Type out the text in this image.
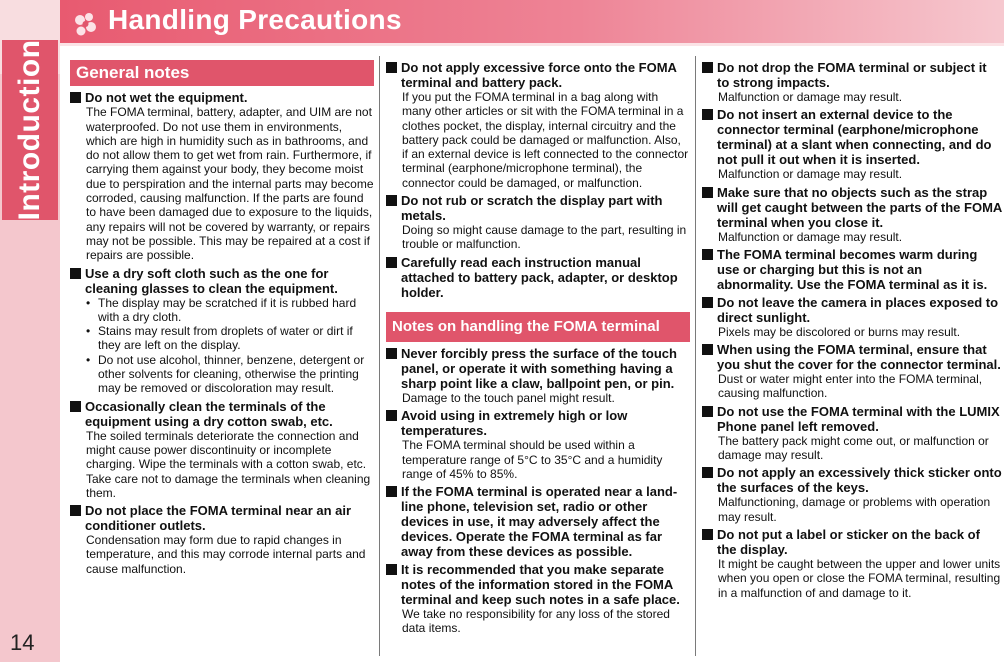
Introduction
14
Handling Precautions
General notes
Do not wet the equipment.

The FOMA terminal, battery, adapter, and UIM are not waterproofed. Do not use them in environments, which are high in humidity such as in bathrooms, and do not allow them to get wet from rain. Furthermore, if carrying them against your body, they become moist due to perspiration and the internal parts may become corroded, causing malfunction. If the parts are found to have been damaged due to exposure to the liquids, any repairs will not be covered by warranty, or repairs may not be possible. This may be repaired at a cost if repairs are possible.

Use a dry soft cloth such as the one for cleaning glasses to clean the equipment.
• The display may be scratched if it is rubbed hard with a dry cloth.
• Stains may result from droplets of water or dirt if they are left on the display.
• Do not use alcohol, thinner, benzene, detergent or other solvents for cleaning, otherwise the printing may be removed or discoloration may result.
Occasionally clean the terminals of the equipment using a dry cotton swab, etc.

The soiled terminals deteriorate the connection and might cause power discontinuity or incomplete charging. Wipe the terminals with a cotton swab, etc.

Take care not to damage the terminals when cleaning them.

Do not place the FOMA terminal near an air conditioner outlets.

Condensation may form due to rapid changes in temperature, and this may corrode internal parts and cause malfunction.

Do not apply excessive force onto the FOMA terminal and battery pack.

If you put the FOMA terminal in a bag along with many other articles or sit with the FOMA terminal in a clothes pocket, the display, internal circuitry and the battery pack could be damaged or malfunction. Also, if an external device is left connected to the connector terminal (earphone/microphone terminal), the connector could be damaged, or malfunction.

Do not rub or scratch the display part with metals.

Doing so might cause damage to the part, resulting in trouble or malfunction.

Carefully read each instruction manual attached to battery pack, adapter, or desktop holder.
Notes on handling the FOMA terminal
Never forcibly press the surface of the touch panel, or operate it with something having a sharp point like a claw, ballpoint pen, or pin.

Damage to the touch panel might result.

Avoid using in extremely high or low temperatures.

The FOMA terminal should be used within a temperature range of 5°C to 35°C and a humidity range of 45% to 85%.

If the FOMA terminal is operated near a land-line phone, television set, radio or other devices in use, it may adversely affect the devices. Operate the FOMA terminal as far away from these devices as possible.
It is recommended that you make separate notes of the information stored in the FOMA terminal and keep such notes in a safe place.

We take no responsibility for any loss of the stored data items.

Do not drop the FOMA terminal or subject it to strong impacts.

Malfunction or damage may result.

Do not insert an external device to the connector terminal (earphone/microphone terminal) at a slant when connecting, and do not pull it out when it is inserted.

Malfunction or damage may result.

Make sure that no objects such as the strap will get caught between the parts of the FOMA terminal when you close it.

Malfunction or damage may result.

The FOMA terminal becomes warm during use or charging but this is not an abnormality. Use the FOMA terminal as it is.
Do not leave the camera in places exposed to direct sunlight.

Pixels may be discolored or burns may result.

When using the FOMA terminal, ensure that you shut the cover for the connector terminal.

Dust or water might enter into the FOMA terminal, causing malfunction.

Do not use the FOMA terminal with the LUMIX Phone panel left removed.

The battery pack might come out, or malfunction or damage may result.

Do not apply an excessively thick sticker onto the surfaces of the keys.

Malfunctioning, damage or problems with operation may result.

Do not put a label or sticker on the back of the display.

It might be caught between the upper and lower units when you open or close the FOMA terminal, resulting in a malfunction of and damage to it.
